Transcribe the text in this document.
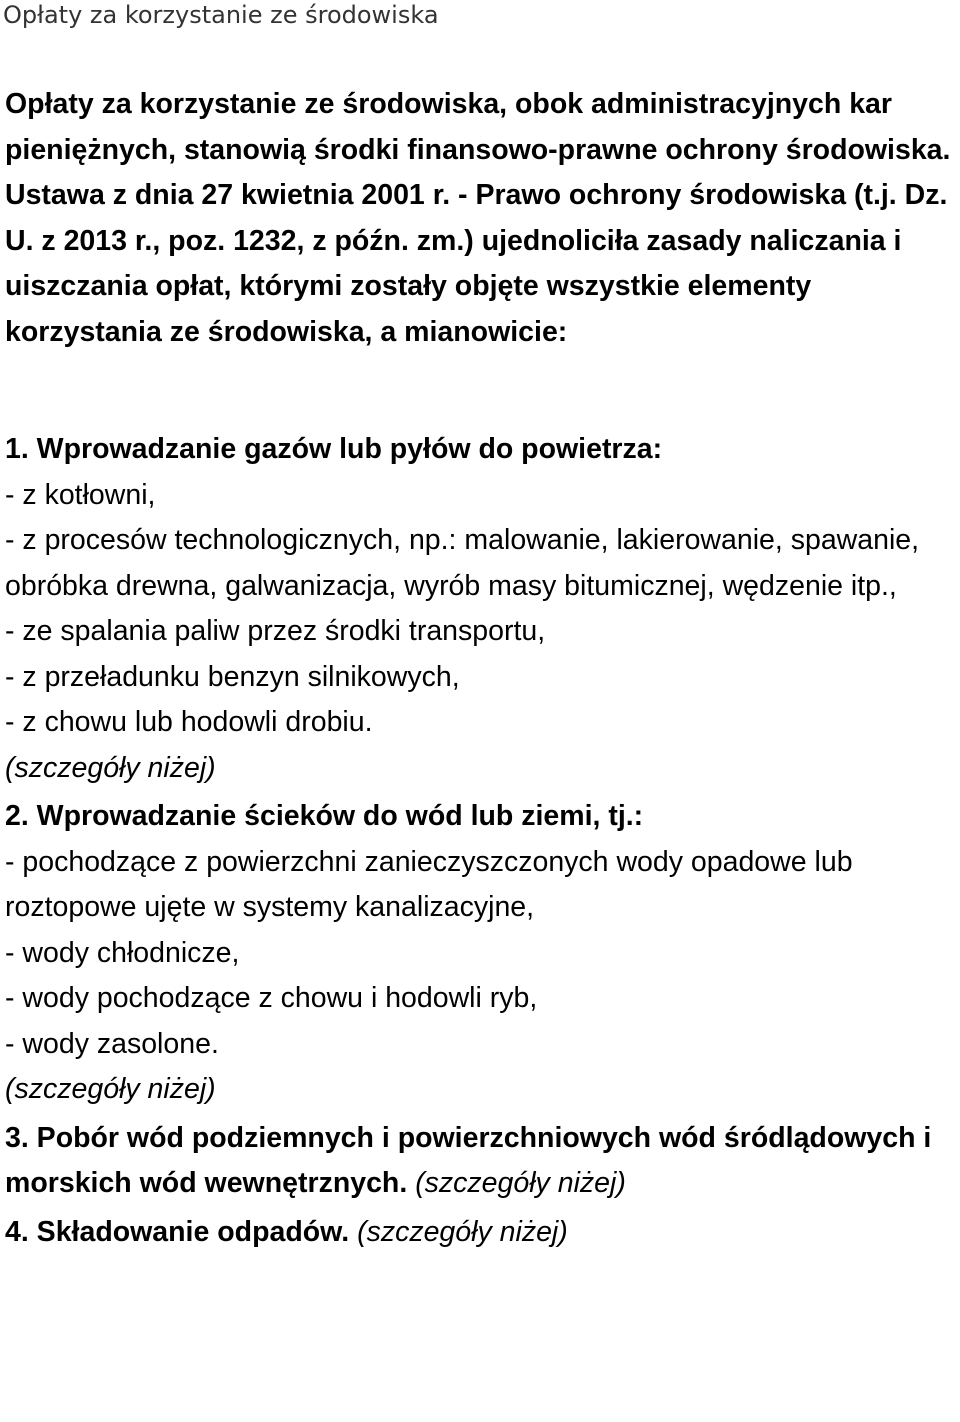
Opłaty za korzystanie ze środowiska

Opłaty za korzystanie ze środowiska, obok administracyjnych kar pieniężnych, stanowią środki finansowo-prawne ochrony środowiska. Ustawa z dnia 27 kwietnia 2001 r. - Prawo ochrony środowiska (t.j. Dz. U. z 2013 r., poz. 1232, z późn. zm.) ujednoliciła zasady naliczania i uiszczania opłat, którymi zostały objęte wszystkie elementy korzystania ze środowiska, a mianowicie:

1. Wprowadzanie gazów lub pyłów do powietrza:
- z kotłowni,
- z procesów technologicznych, np.: malowanie, lakierowanie, spawanie, obróbka drewna, galwanizacja, wyrób masy bitumicznej, wędzenie itp.,
- ze spalania paliw przez środki transportu,
- z przeładunku benzyn silnikowych,
- z chowu lub hodowli drobiu.
(szczegóły niżej)
2. Wprowadzanie ścieków do wód lub ziemi, tj.:
- pochodzące z powierzchni zanieczyszczonych wody opadowe lub roztopowe ujęte w systemy kanalizacyjne,
- wody chłodnicze,
- wody pochodzące z chowu i hodowli ryb,
- wody zasolone.
(szczegóły niżej)
3. Pobór wód podziemnych i powierzchniowych wód śródlądowych i morskich wód wewnętrznych. (szczegóły niżej)
4. Składowanie odpadów. (szczegóły niżej)
